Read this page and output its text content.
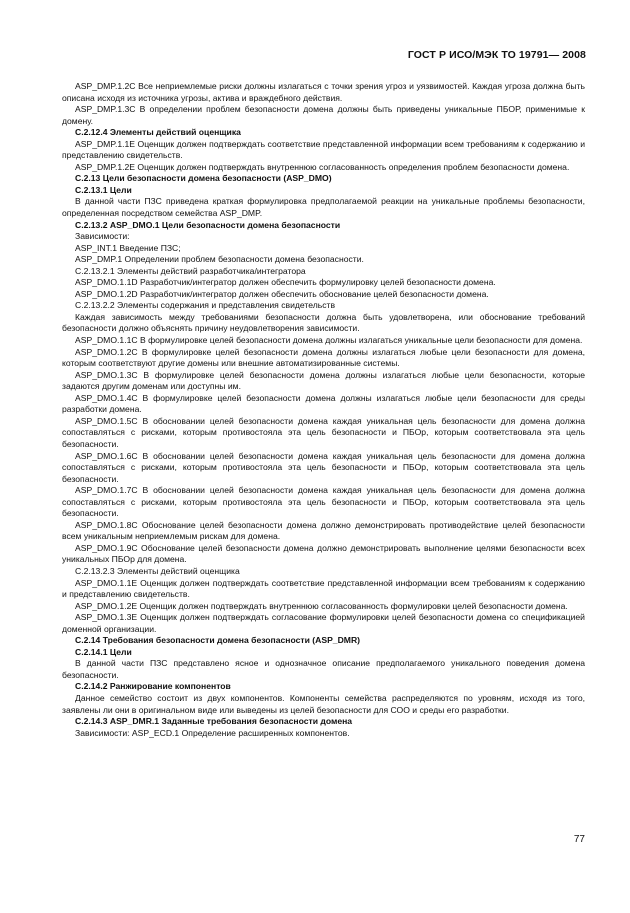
ГОСТ Р ИСО/МЭК ТО 19791— 2008

ASP_DMP.1.2C Все неприемлемые риски должны излагаться с точки зрения угроз и уязвимостей. Каждая угроза должна быть описана исходя из источника угрозы, актива и враждебного действия.

ASP_DMP.1.3C В определении проблем безопасности домена должны быть приведены уникальные ПБОР, применимые к домену.

С.2.12.4 Элементы действий оценщика

ASP_DMP.1.1E Оценщик должен подтверждать соответствие представленной информации всем требованиям к содержанию и представлению свидетельств.

ASP_DMP.1.2E Оценщик должен подтверждать внутреннюю согласованность определения проблем безопасности домена.

С.2.13 Цели безопасности домена безопасности (ASP_DMO)

С.2.13.1 Цели

В данной части ПЗС приведена краткая формулировка предполагаемой реакции на уникальные проблемы безопасности, определенная посредством семейства ASP_DMP.

С.2.13.2 ASP_DMO.1 Цели безопасности домена безопасности

Зависимости:

ASP_INT.1 Введение ПЗС;

ASP_DMP.1 Определении проблем безопасности домена безопасности.

С.2.13.2.1 Элементы действий разработчика/интегратора

ASP_DMO.1.1D Разработчик/интегратор должен обеспечить формулировку целей безопасности домена.

ASP_DMO.1.2D Разработчик/интегратор должен обеспечить обоснование целей безопасности домена.

С.2.13.2.2 Элементы содержания и представления свидетельств

Каждая зависимость между требованиями безопасности должна быть удовлетворена, или обоснование требований безопасности должно объяснять причину неудовлетворения зависимости.

ASP_DMO.1.1C В формулировке целей безопасности домена должны излагаться уникальные цели безопасности для домена.

ASP_DMO.1.2C В формулировке целей безопасности домена должны излагаться любые цели безопасности для домена, которым соответствуют другие домены или внешние автоматизированные системы.

ASP_DMO.1.3C В формулировке целей безопасности домена должны излагаться любые цели безопасности, которые задаются другим доменам или доступны им.

ASP_DMO.1.4C В формулировке целей безопасности домена должны излагаться любые цели безопасности для среды разработки домена.

ASP_DMO.1.5C В обосновании целей безопасности домена каждая уникальная цель безопасности для домена должна сопоставляться с рисками, которым противостояла эта цель безопасности и ПБОр, которым соответствовала эта цель безопасности.

ASP_DMO.1.6C В обосновании целей безопасности домена каждая уникальная цель безопасности для домена должна сопоставляться с рисками, которым противостояла эта цель безопасности и ПБОр, которым соответствовала эта цель безопасности.

ASP_DMO.1.7C В обосновании целей безопасности домена каждая уникальная цель безопасности для домена должна сопоставляться с рисками, которым противостояла эта цель безопасности и ПБОр, которым соответствовала эта цель безопасности.

ASP_DMO.1.8C Обоснование целей безопасности домена должно демонстрировать противодействие целей безопасности всем уникальным неприемлемым рискам для домена.

ASP_DMO.1.9C Обоснование целей безопасности домена должно демонстрировать выполнение целями безопасности всех уникальных ПБОр для домена.

С.2.13.2.3 Элементы действий оценщика

ASP_DMO.1.1E Оценщик должен подтверждать соответствие представленной информации всем требованиям к содержанию и представлению свидетельств.

ASP_DMO.1.2E Оценщик должен подтверждать внутреннюю согласованность формулировки целей безопасности домена.

ASP_DMO.1.3E Оценщик должен подтверждать согласование формулировки целей безопасности домена со спецификацией доменной организации.

С.2.14 Требования безопасности домена безопасности (ASP_DMR)

С.2.14.1 Цели

В данной части ПЗС представлено ясное и однозначное описание предполагаемого уникального поведения домена безопасности.

С.2.14.2 Ранжирование компонентов

Данное семейство состоит из двух компонентов. Компоненты семейства распределяются по уровням, исходя из того, заявлены ли они в оригинальном виде или выведены из целей безопасности для СОО и среды его разработки.

С.2.14.3 ASP_DMR.1 Заданные требования безопасности домена

Зависимости: ASP_ECD.1 Определение расширенных компонентов.

77
